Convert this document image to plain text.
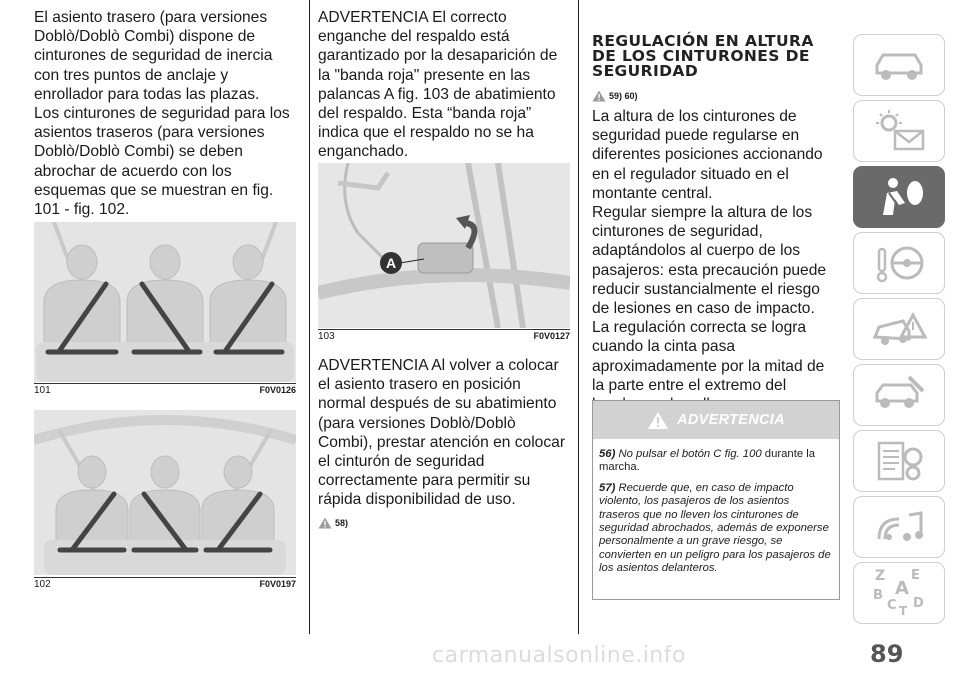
El asiento trasero (para versiones Doblò/Doblò Combi) dispone de cinturones de seguridad de inercia con tres puntos de anclaje y enrollador para todas las plazas.

Los cinturones de seguridad para los asientos traseros (para versiones Doblò/Doblò Combi) se deben abrochar de acuerdo con los esquemas que se muestran en fig. 101 - fig. 102.

101	F0V0126
102	F0V0197

ADVERTENCIA El correcto enganche del respaldo está garantizado por la desaparición de la "banda roja" presente en las palancas A fig. 103 de abatimiento del respaldo. Esta “banda roja” indica que el respaldo no se ha enganchado.

A
103	F0V0127

ADVERTENCIA Al volver a colocar el asiento trasero en posición normal después de su abatimiento (para versiones Doblò/Doblò Combi), prestar atención en colocar el cinturón de seguridad correctamente para permitir su rápida disponibilidad de uso.

58)
REGULACIÓN EN ALTURA DE LOS CINTURONES DE SEGURIDAD
59) 60)

La altura de los cinturones de seguridad puede regularse en diferentes posiciones accionando en el regulador situado en el montante central.

Regular siempre la altura de los cinturones de seguridad, adaptándolos al cuerpo de los pasajeros: esta precaución puede reducir sustancialmente el riesgo de lesiones en caso de impacto.

La regulación correcta se logra cuando la cinta pasa aproximadamente por la mitad de la parte entre el extremo del

ADVERTENCIA

56) No pulsar el botón C fig. 100 durante la marcha.

57) Recuerde que, en caso de impacto violento, los pasajeros de los asientos traseros que no lleven los cinturones de seguridad abrochados, además de exponerse personalmente a un grave riesgo, se convierten en un peligro para los pasajeros de los asientos delanteros.	Z E
A
B
C D
T
89
carmanualsonline.info
